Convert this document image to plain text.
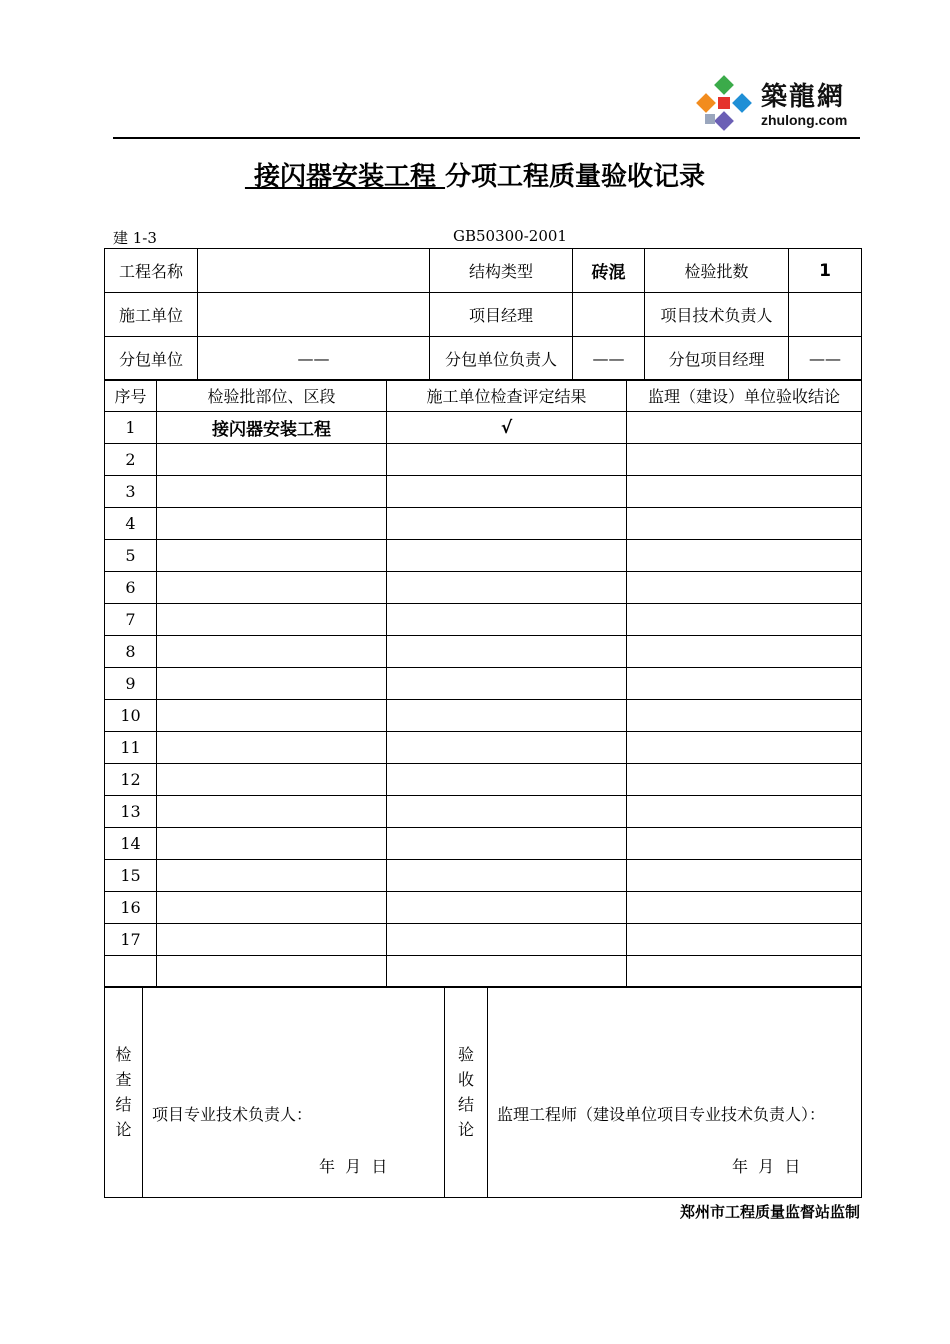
築龍網
zhulong.com
接闪器安装工程 分项工程质量验收记录
建 1-3	GB50300-2001
工程名称		结构类型	砖混	检验批数	1
施工单位		项目经理		项目技术负责人	
分包单位	——	分包单位负责人	——	分包项目经理	——
序号	检验批部位、区段	施工单位检查评定结果	监理（建设）单位验收结论
1	接闪器安装工程	√	
2			
3			
4			
5			
6			
7			
8			
9			
10			
11			
12			
13			
14			
15			
16			
17			

检
查
结
论

项目专业技术负责人：
年  月  日

验
收
结
论

监理工程师（建设单位项目专业技术负责人）：
年  月  日
郑州市工程质量监督站监制
